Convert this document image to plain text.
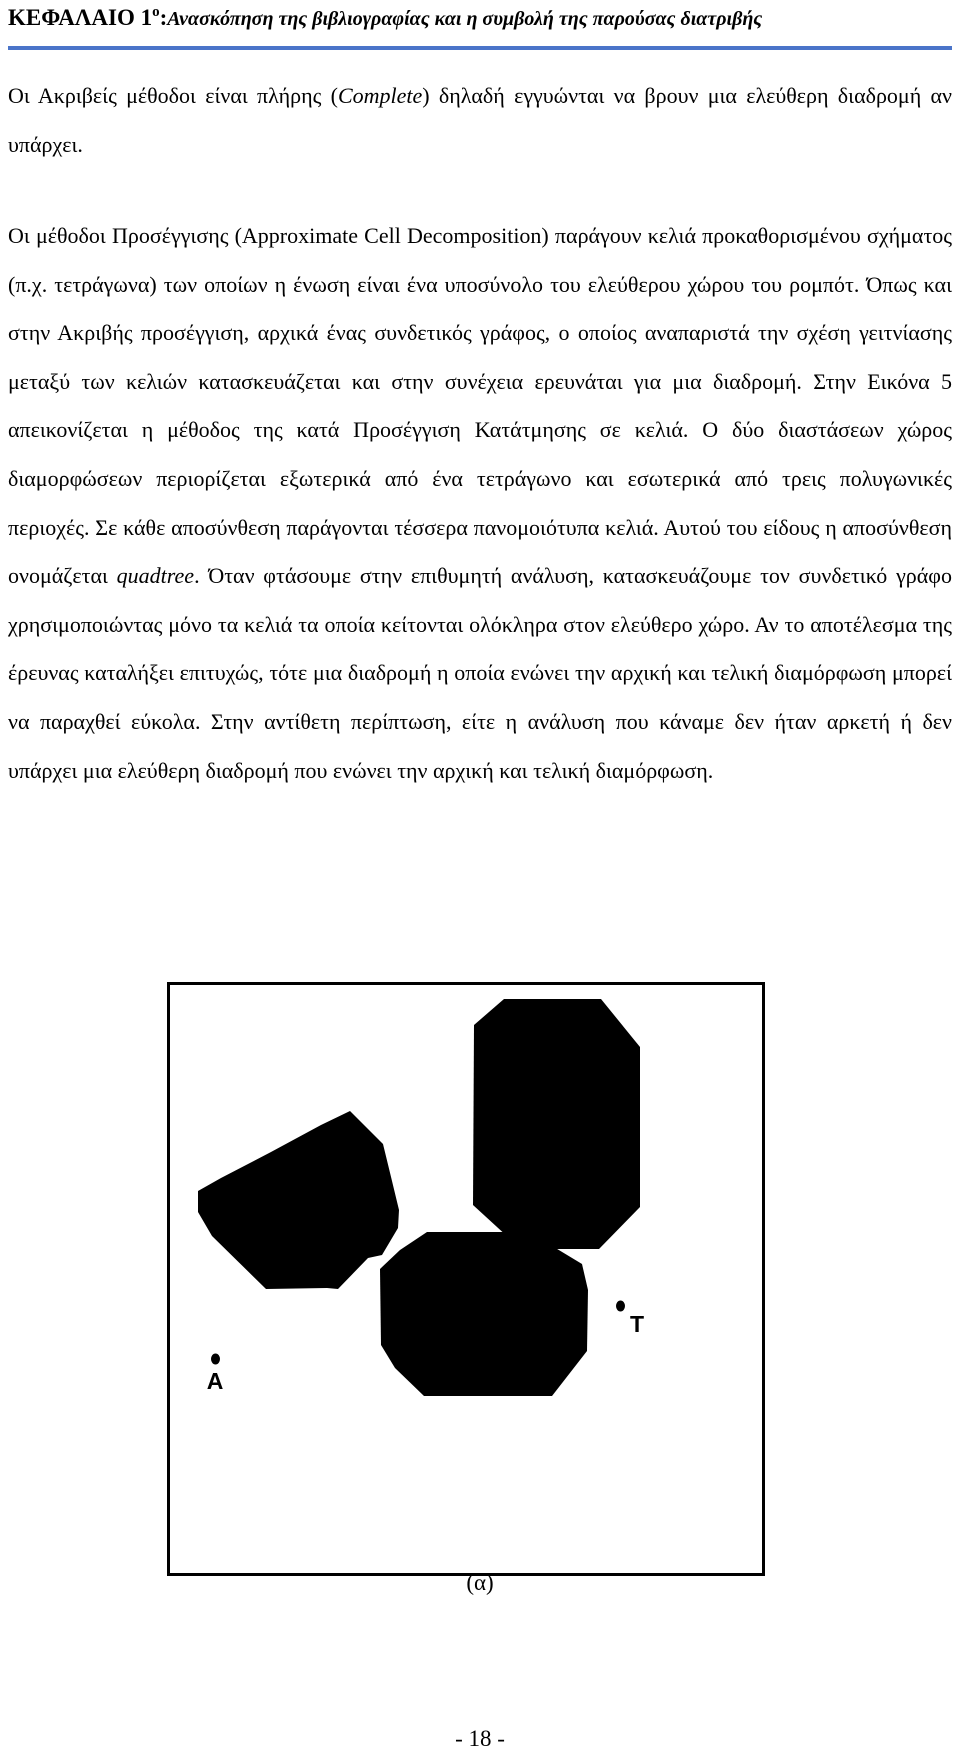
ΚΕΦΑΛΑΙΟ 1ο:Ανασκόπηση της βιβλιογραφίας και η συμβολή της παρούσας διατριβής

Οι Ακριβείς μέθοδοι είναι πλήρης (Complete) δηλαδή εγγυώνται να βρουν μια ελεύθερη διαδρομή αν υπάρχει.

Οι μέθοδοι Προσέγγισης (Approximate Cell Decomposition) παράγουν κελιά προκαθορισμένου σχήματος (π.χ. τετράγωνα) των οποίων η ένωση είναι ένα υποσύνολο του ελεύθερου χώρου του ρομπότ. Όπως και στην Ακριβής προσέγγιση, αρχικά ένας συνδετικός γράφος, ο οποίος αναπαριστά την σχέση γειτνίασης μεταξύ των κελιών κατασκευάζεται και στην συνέχεια ερευνάται για μια διαδρομή. Στην Εικόνα 5 απεικονίζεται η μέθοδος της κατά Προσέγγιση Κατάτμησης σε κελιά. Ο δύο διαστάσεων χώρος διαμορφώσεων περιορίζεται εξωτερικά από ένα τετράγωνο και εσωτερικά από τρεις πολυγωνικές περιοχές. Σε κάθε αποσύνθεση παράγονται τέσσερα πανομοιότυπα κελιά. Αυτού του είδους η αποσύνθεση ονομάζεται quadtree. Όταν φτάσουμε στην επιθυμητή ανάλυση, κατασκευάζουμε τον συνδετικό γράφο χρησιμοποιώντας μόνο τα κελιά τα οποία κείτονται ολόκληρα στον ελεύθερο χώρο. Αν το αποτέλεσμα της έρευνας καταλήξει επιτυχώς, τότε μια διαδρομή η οποία ενώνει την αρχική και τελική διαμόρφωση μπορεί να παραχθεί εύκολα. Στην αντίθετη περίπτωση, είτε η ανάλυση που κάναμε δεν ήταν αρκετή ή δεν υπάρχει μια ελεύθερη διαδρομή που ενώνει την αρχική και τελική διαμόρφωση.

A
T
(α)
- 18 -
